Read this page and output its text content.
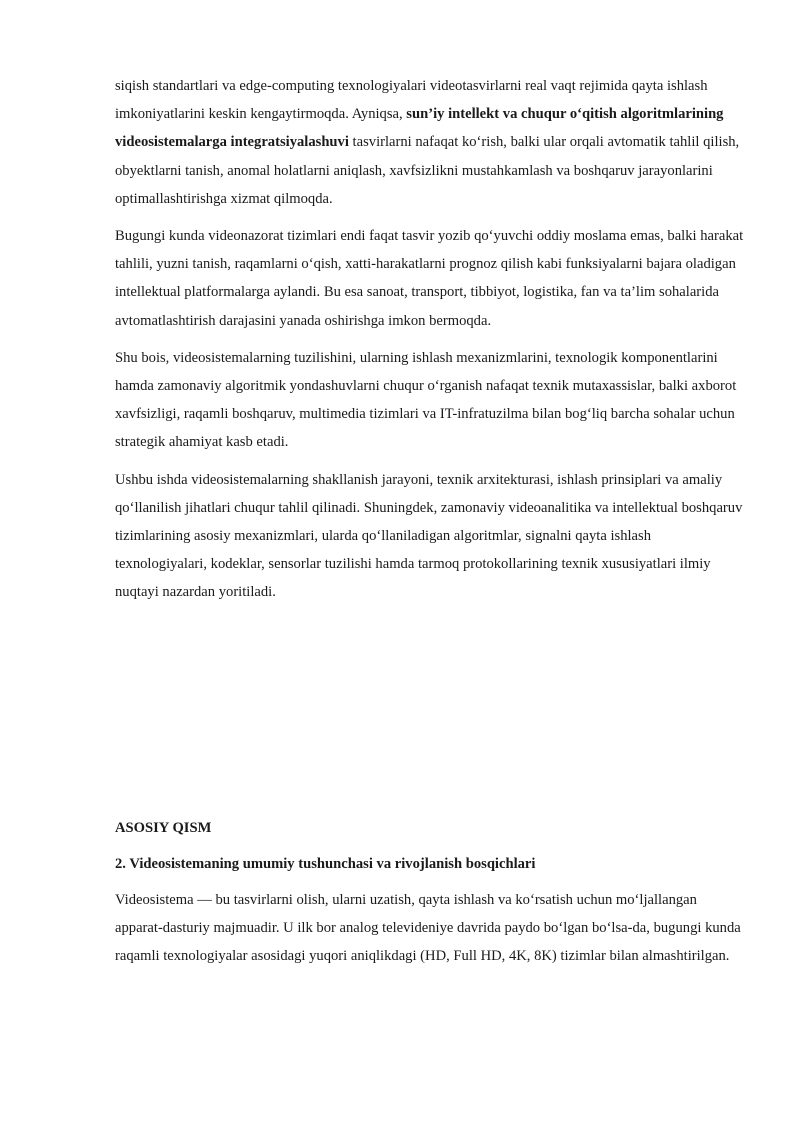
siqish standartlari va edge-computing texnologiyalari videotasvirlarni real vaqt rejimida qayta ishlash imkoniyatlarini keskin kengaytirmoqda. Ayniqsa, sun’iy intellekt va chuqur o‘qitish algoritmlarining videosistemalarga integratsiyalashuvi tasvirlarni nafaqat ko‘rish, balki ular orqali avtomatik tahlil qilish, obyektlarni tanish, anomal holatlarni aniqlash, xavfsizlikni mustahkamlash va boshqaruv jarayonlarini optimallashtirishga xizmat qilmoqda.

Bugungi kunda videonazorat tizimlari endi faqat tasvir yozib qo‘yuvchi oddiy moslama emas, balki harakat tahlili, yuzni tanish, raqamlarni o‘qish, xatti-harakatlarni prognoz qilish kabi funksiyalarni bajara oladigan intellektual platformalarga aylandi. Bu esa sanoat, transport, tibbiyot, logistika, fan va ta’lim sohalarida avtomatlashtirish darajasini yanada oshirishga imkon bermoqda.

Shu bois, videosistemalarning tuzilishini, ularning ishlash mexanizmlarini, texnologik komponentlarini hamda zamonaviy algoritmik yondashuvlarni chuqur o‘rganish nafaqat texnik mutaxassislar, balki axborot xavfsizligi, raqamli boshqaruv, multimedia tizimlari va IT-infratuzilma bilan bog‘liq barcha sohalar uchun strategik ahamiyat kasb etadi.

Ushbu ishda videosistemalarning shakllanish jarayoni, texnik arxitekturasi, ishlash prinsiplari va amaliy qo‘llanilish jihatlari chuqur tahlil qilinadi. Shuningdek, zamonaviy videoanalitika va intellektual boshqaruv tizimlarining asosiy mexanizmlari, ularda qo‘llaniladigan algoritmlar, signalni qayta ishlash texnologiyalari, kodeklar, sensorlar tuzilishi hamda tarmoq protokollarining texnik xususiyatlari ilmiy nuqtayi nazardan yoritiladi.

ASOSIY QISM

2. Videosistemaning umumiy tushunchasi va rivojlanish bosqichlari

Videosistema — bu tasvirlarni olish, ularni uzatish, qayta ishlash va ko‘rsatish uchun mo‘ljallangan apparat-dasturiy majmuadir. U ilk bor analog televideniye davrida paydo bo‘lgan bo‘lsa-da, bugungi kunda raqamli texnologiyalar asosidagi yuqori aniqlikdagi (HD, Full HD, 4K, 8K) tizimlar bilan almashtirilgan.
